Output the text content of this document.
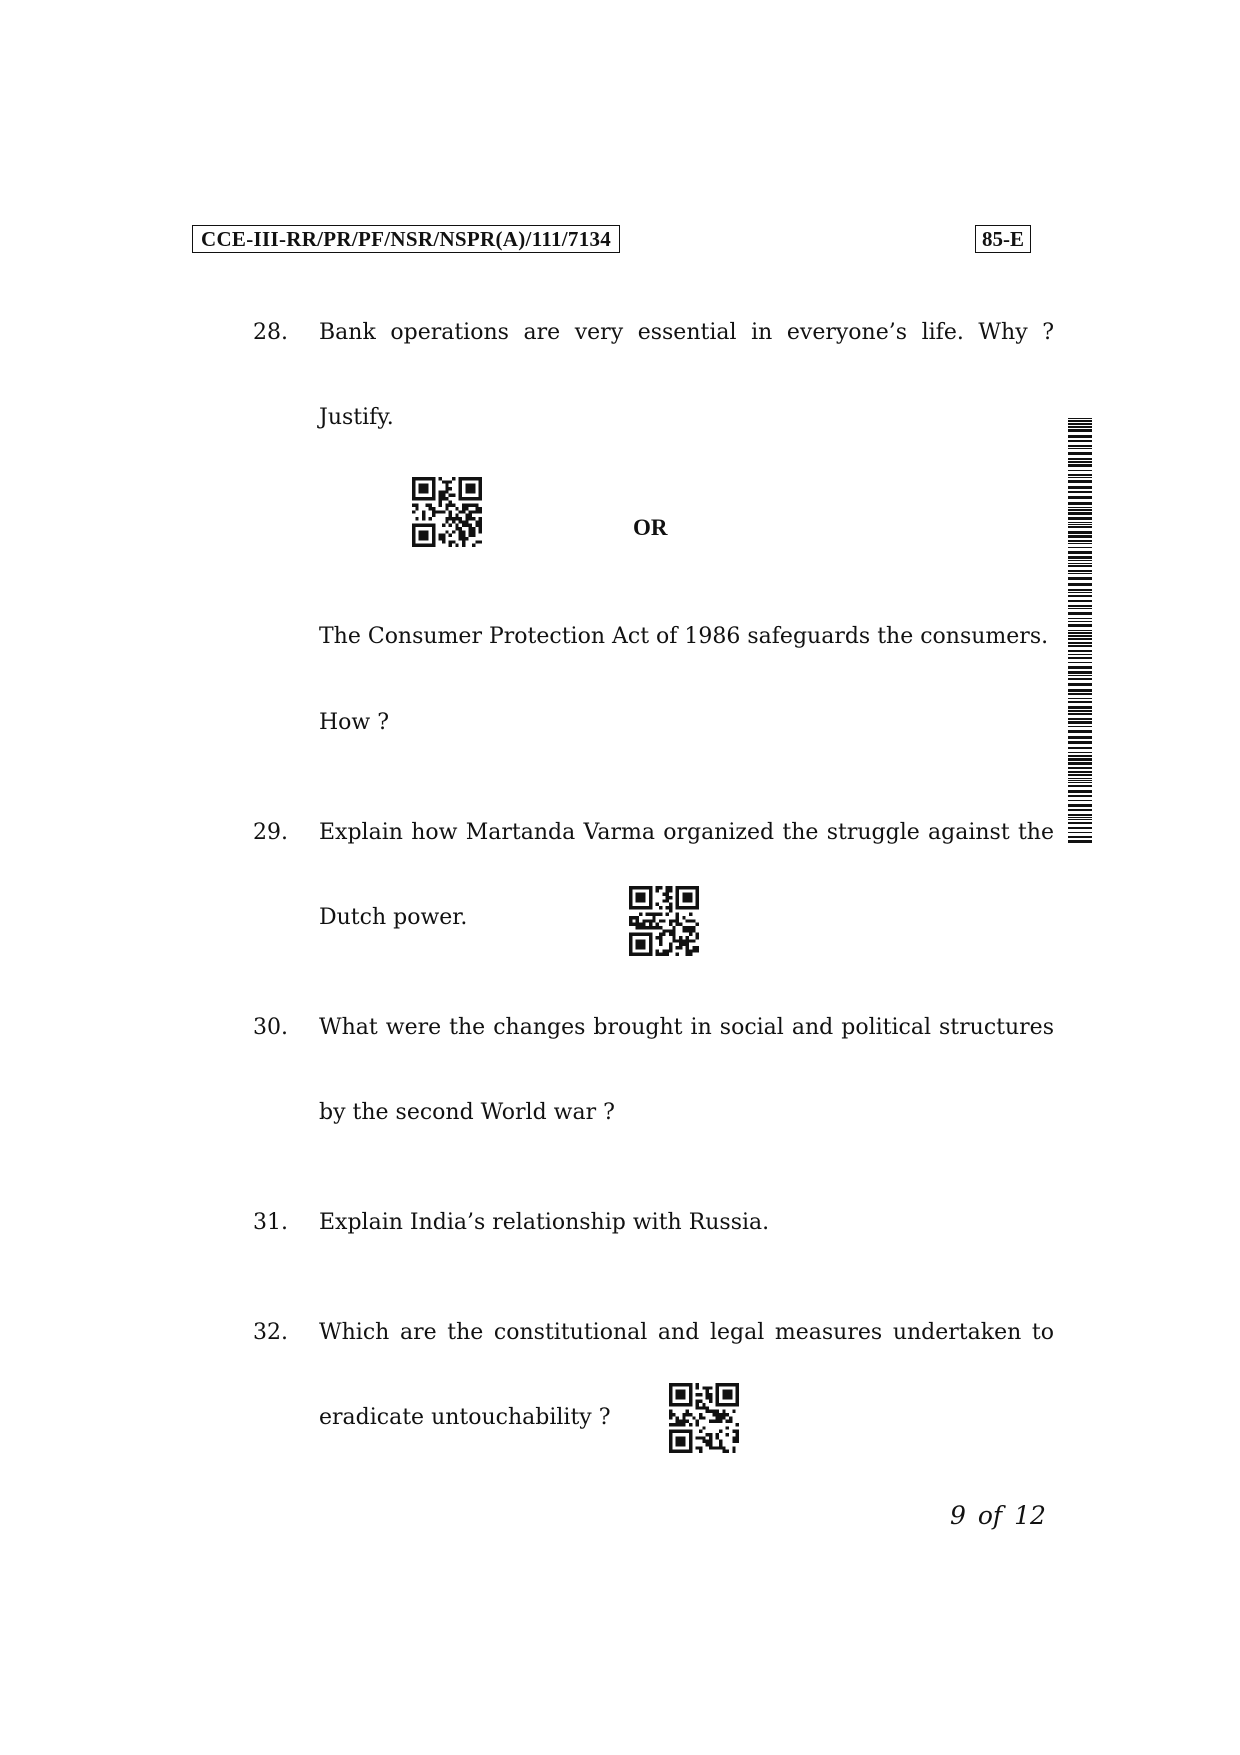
CCE-III-RR/PR/PF/NSR/NSPR(A)/111/7134	85-E
28. Bank operations are very essential in everyone’s life. Why ?
Justify.
OR
The Consumer Protection Act of 1986 safeguards the consumers.
How ?
29. Explain how Martanda Varma organized the struggle against the
Dutch power.
30. What were the changes brought in social and political structures
by the second World war ?
31. Explain India’s relationship with Russia.
32. Which are the constitutional and legal measures undertaken to
eradicate untouchability ?
9 of 12
